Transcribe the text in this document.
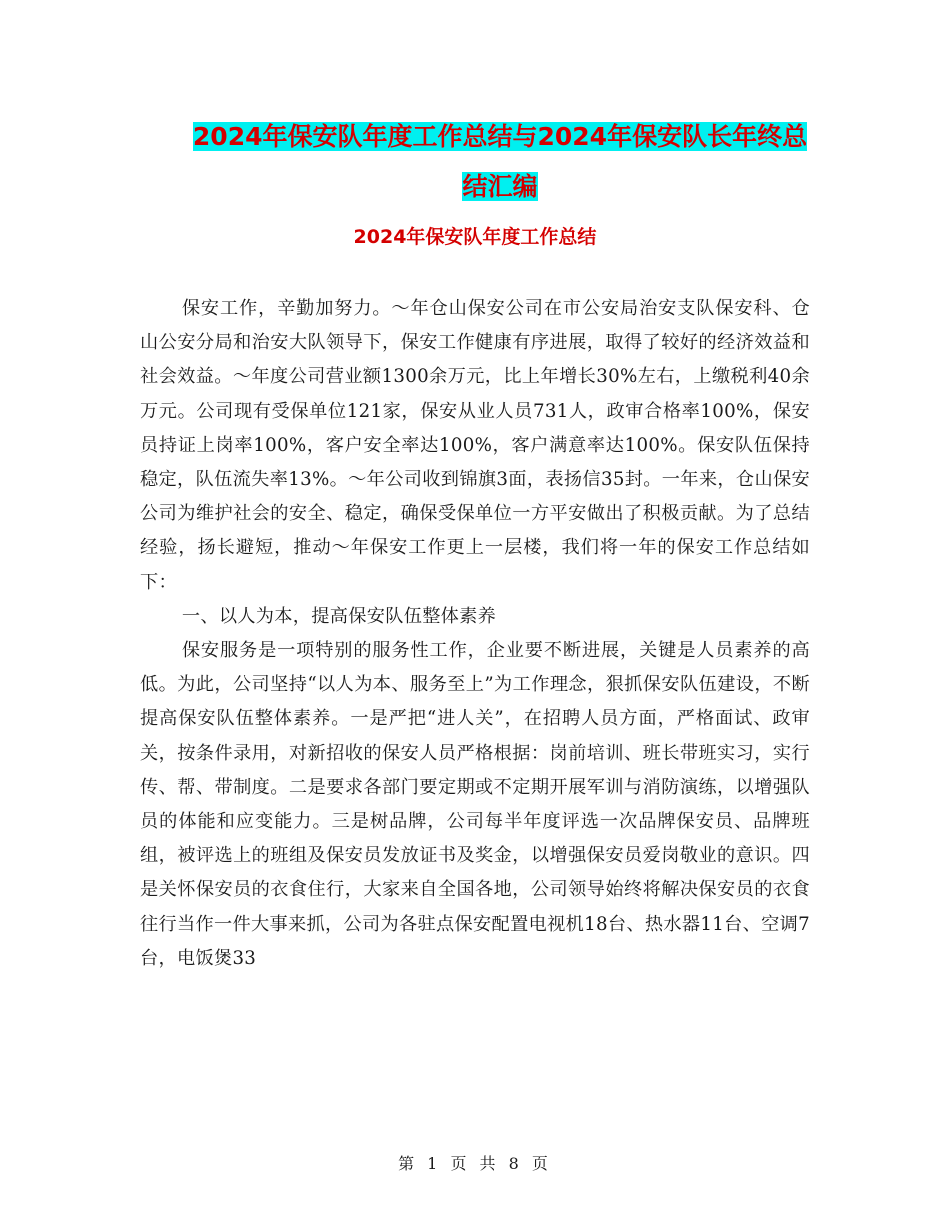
2024年保安队年度工作总结与2024年保安队长年终总
结汇编
2024年保安队年度工作总结

保安工作，辛勤加努力。～年仓山保安公司在市公安局治安支队保安科、仓山公安分局和治安大队领导下，保安工作健康有序进展，取得了较好的经济效益和社会效益。～年度公司营业额1300余万元，比上年增长30%左右，上缴税利40余万元。公司现有受保单位121家，保安从业人员731人，政审合格率100%，保安员持证上岗率100%，客户安全率达100%，客户满意率达100%。保安队伍保持稳定，队伍流失率13%。～年公司收到锦旗3面，表扬信35封。一年来，仓山保安公司为维护社会的安全、稳定，确保受保单位一方平安做出了积极贡献。为了总结经验，扬长避短，推动～年保安工作更上一层楼，我们将一年的保安工作总结如下：

一、以人为本，提高保安队伍整体素养

保安服务是一项特别的服务性工作，企业要不断进展，关键是人员素养的高低。为此，公司坚持“以人为本、服务至上”为工作理念，狠抓保安队伍建设，不断提高保安队伍整体素养。一是严把“进人关”，在招聘人员方面，严格面试、政审关，按条件录用，对新招收的保安人员严格根据：岗前培训、班长带班实习，实行传、帮、带制度。二是要求各部门要定期或不定期开展军训与消防演练，以增强队员的体能和应变能力。三是树品牌，公司每半年度评选一次品牌保安员、品牌班组，被评选上的班组及保安员发放证书及奖金，以增强保安员爱岗敬业的意识。四是关怀保安员的衣食住行，大家来自全国各地，公司领导始终将解决保安员的衣食往行当作一件大事来抓，公司为各驻点保安配置电视机18台、热水器11台、空调7台，电饭煲33

第 1 页 共 8 页
